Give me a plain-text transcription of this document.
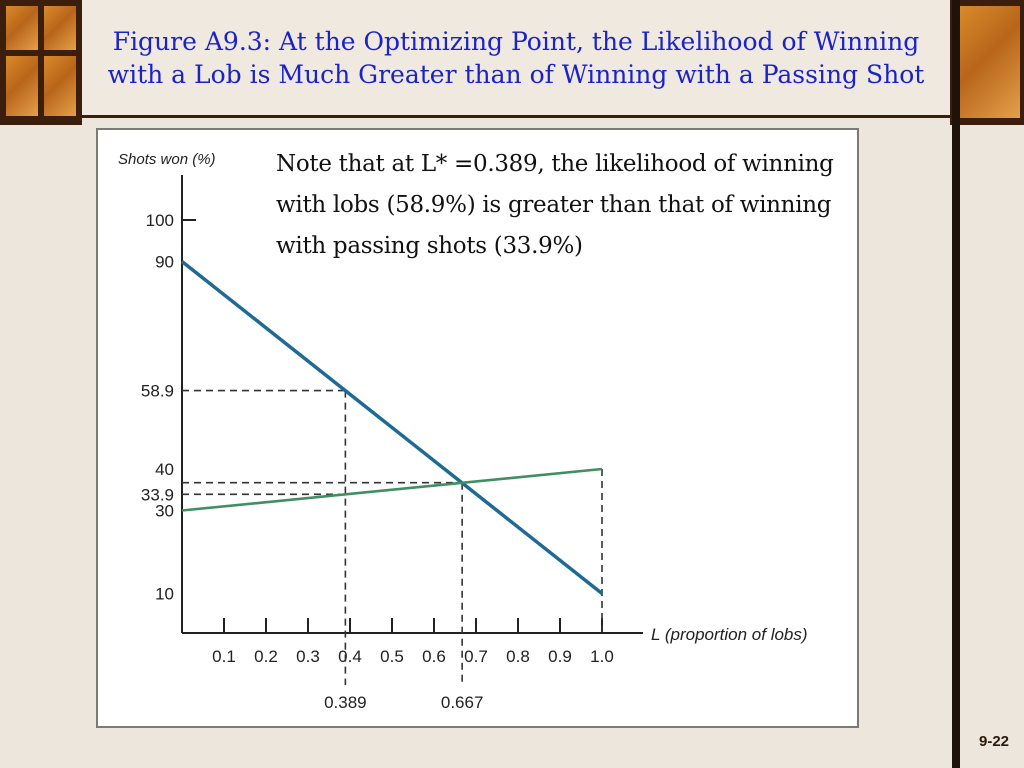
Figure A9.3: At the Optimizing Point, the Likelihood of Winning with a Lob is Much Greater than of Winning with a Passing Shot
Shots won (%)
L (proportion of lobs)
100
90
58.9
40
33.9
30
10
0.1 0.2 0.3 0.4 0.5 0.6 0.7 0.8 0.9 1.0
0.389	0.667
Note that at L* =0.389, the likelihood of winning with lobs (58.9%) is greater than that of winning with passing shots (33.9%)
9-22
